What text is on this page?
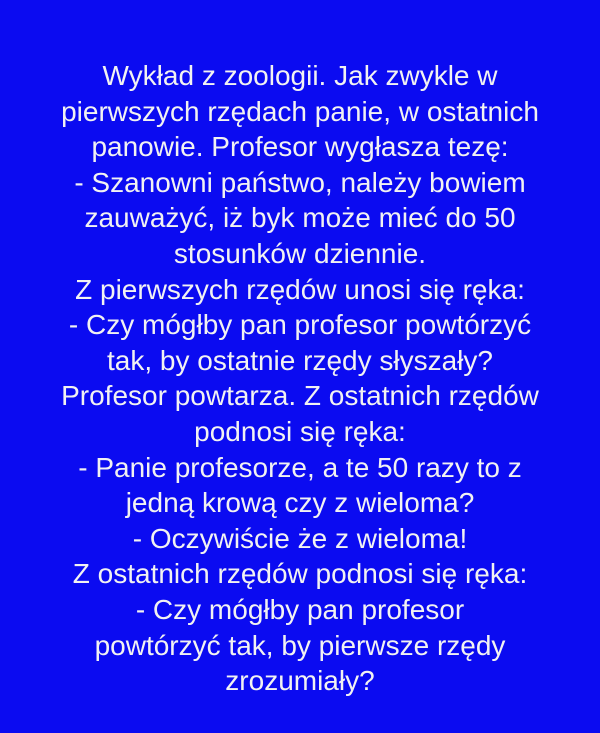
Wykład z zoologii. Jak zwykle w
pierwszych rzędach panie, w ostatnich
panowie. Profesor wygłasza tezę:
- Szanowni państwo, należy bowiem
zauważyć, iż byk może mieć do 50
stosunków dziennie.
Z pierwszych rzędów unosi się ręka:
- Czy mógłby pan profesor powtórzyć
tak, by ostatnie rzędy słyszały?
Profesor powtarza. Z ostatnich rzędów
podnosi się ręka:
- Panie profesorze, a te 50 razy to z
jedną krową czy z wieloma?
- Oczywiście że z wieloma!
Z ostatnich rzędów podnosi się ręka:
- Czy mógłby pan profesor
powtórzyć tak, by pierwsze rzędy
zrozumiały?
